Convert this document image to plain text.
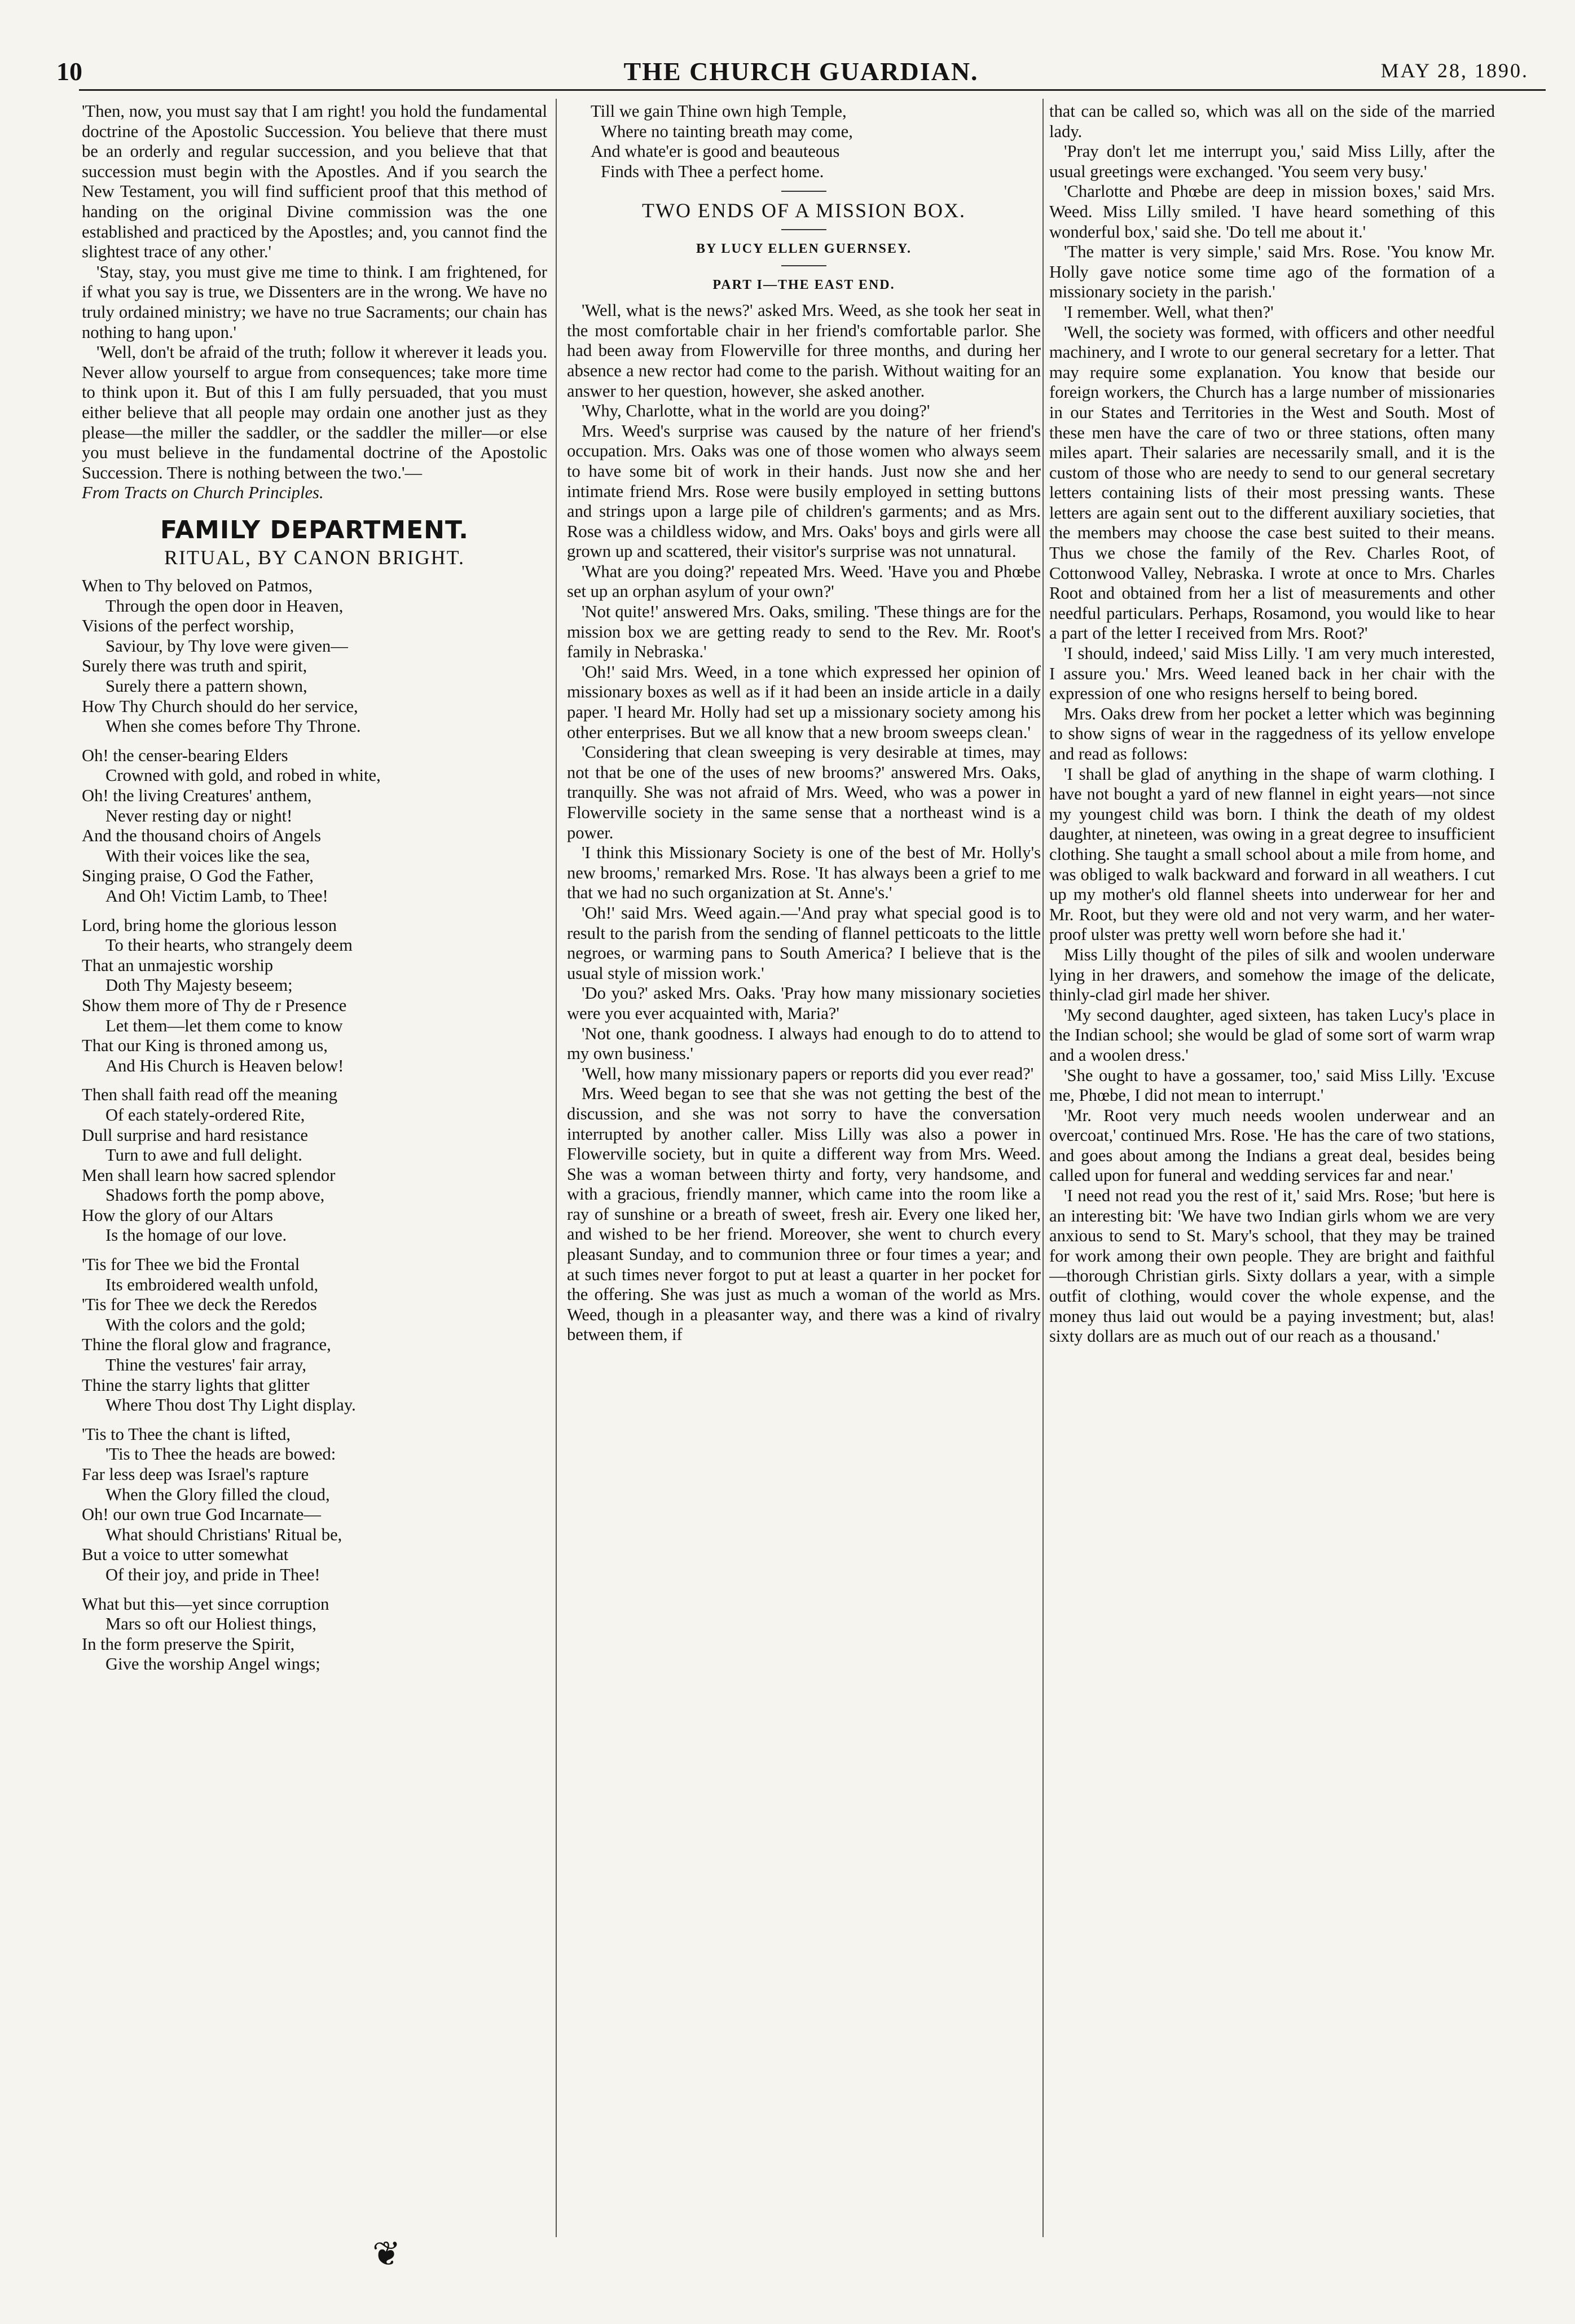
10	THE CHURCH GUARDIAN.	MAY 28, 1890.

'Then, now, you must say that I am right! you hold the fundamental doctrine of the Apostolic Succession. You believe that there must be an orderly and regular succession, and you believe that that succession must begin with the Apostles. And if you search the New Testament, you will find sufficient proof that this method of handing on the original Divine commission was the one established and practiced by the Apostles; and, you cannot find the slightest trace of any other.'

'Stay, stay, you must give me time to think. I am frightened, for if what you say is true, we Dissenters are in the wrong. We have no truly ordained ministry; we have no true Sacraments; our chain has nothing to hang upon.'

'Well, don't be afraid of the truth; follow it wherever it leads you. Never allow yourself to argue from consequences; take more time to think upon it. But of this I am fully persuaded, that you must either believe that all people may ordain one another just as they please—the miller the saddler, or the saddler the miller—or else you must believe in the fundamental doctrine of the Apostolic Succession. There is nothing between the two.'—

From Tracts on Church Principles.
FAMILY DEPARTMENT.
RITUAL, BY CANON BRIGHT.
When to Thy beloved on Patmos,
Through the open door in Heaven,
Visions of the perfect worship,
Saviour, by Thy love were given—
Surely there was truth and spirit,
Surely there a pattern shown,
How Thy Church should do her service,
When she comes before Thy Throne.
Oh! the censer-bearing Elders
Crowned with gold, and robed in white,
Oh! the living Creatures' anthem,
Never resting day or night!
And the thousand choirs of Angels
With their voices like the sea,
Singing praise, O God the Father,
And Oh! Victim Lamb, to Thee!
Lord, bring home the glorious lesson
To their hearts, who strangely deem
That an unmajestic worship
Doth Thy Majesty beseem;
Show them more of Thy de r Presence
Let them—let them come to know
That our King is throned among us,
And His Church is Heaven below!
Then shall faith read off the meaning
Of each stately-ordered Rite,
Dull surprise and hard resistance
Turn to awe and full delight.
Men shall learn how sacred splendor
Shadows forth the pomp above,
How the glory of our Altars
Is the homage of our love.
'Tis for Thee we bid the Frontal
Its embroidered wealth unfold,
'Tis for Thee we deck the Reredos
With the colors and the gold;
Thine the floral glow and fragrance,
Thine the vestures' fair array,
Thine the starry lights that glitter
Where Thou dost Thy Light display.
'Tis to Thee the chant is lifted,
'Tis to Thee the heads are bowed:
Far less deep was Israel's rapture
When the Glory filled the cloud,
Oh! our own true God Incarnate—
What should Christians' Ritual be,
But a voice to utter somewhat
Of their joy, and pride in Thee!
What but this—yet since corruption
Mars so oft our Holiest things,
In the form preserve the Spirit,
Give the worship Angel wings;
Till we gain Thine own high Temple,
Where no tainting breath may come,
And whate'er is good and beauteous
Finds with Thee a perfect home.
TWO ENDS OF A MISSION BOX.
BY LUCY ELLEN GUERNSEY.
PART I—THE EAST END.

'Well, what is the news?' asked Mrs. Weed, as she took her seat in the most comfortable chair in her friend's comfortable parlor. She had been away from Flowerville for three months, and during her absence a new rector had come to the parish. Without waiting for an answer to her question, however, she asked another.

'Why, Charlotte, what in the world are you doing?'

Mrs. Weed's surprise was caused by the nature of her friend's occupation. Mrs. Oaks was one of those women who always seem to have some bit of work in their hands. Just now she and her intimate friend Mrs. Rose were busily employed in setting buttons and strings upon a large pile of children's garments; and as Mrs. Rose was a childless widow, and Mrs. Oaks' boys and girls were all grown up and scattered, their visitor's surprise was not unnatural.

'What are you doing?' repeated Mrs. Weed. 'Have you and Phœbe set up an orphan asylum of your own?'

'Not quite!' answered Mrs. Oaks, smiling. 'These things are for the mission box we are getting ready to send to the Rev. Mr. Root's family in Nebraska.'

'Oh!' said Mrs. Weed, in a tone which expressed her opinion of missionary boxes as well as if it had been an inside article in a daily paper. 'I heard Mr. Holly had set up a missionary society among his other enterprises. But we all know that a new broom sweeps clean.'

'Considering that clean sweeping is very desirable at times, may not that be one of the uses of new brooms?' answered Mrs. Oaks, tranquilly. She was not afraid of Mrs. Weed, who was a power in Flowerville society in the same sense that a northeast wind is a power.

'I think this Missionary Society is one of the best of Mr. Holly's new brooms,' remarked Mrs. Rose. 'It has always been a grief to me that we had no such organization at St. Anne's.'

'Oh!' said Mrs. Weed again.—'And pray what special good is to result to the parish from the sending of flannel petticoats to the little negroes, or warming pans to South America? I believe that is the usual style of mission work.'

'Do you?' asked Mrs. Oaks. 'Pray how many missionary societies were you ever acquainted with, Maria?'

'Not one, thank goodness. I always had enough to do to attend to my own business.'

'Well, how many missionary papers or reports did you ever read?'

Mrs. Weed began to see that she was not getting the best of the discussion, and she was not sorry to have the conversation interrupted by another caller. Miss Lilly was also a power in Flowerville society, but in quite a different way from Mrs. Weed. She was a woman between thirty and forty, very handsome, and with a gracious, friendly manner, which came into the room like a ray of sunshine or a breath of sweet, fresh air. Every one liked her, and wished to be her friend. Moreover, she went to church every pleasant Sunday, and to communion three or four times a year; and at such times never forgot to put at least a quarter in her pocket for the offering. She was just as much a woman of the world as Mrs. Weed, though in a pleasanter way, and there was a kind of rivalry between them, if

that can be called so, which was all on the side of the married lady.

'Pray don't let me interrupt you,' said Miss Lilly, after the usual greetings were exchanged. 'You seem very busy.'

'Charlotte and Phœbe are deep in mission boxes,' said Mrs. Weed. Miss Lilly smiled. 'I have heard something of this wonderful box,' said she. 'Do tell me about it.'

'The matter is very simple,' said Mrs. Rose. 'You know Mr. Holly gave notice some time ago of the formation of a missionary society in the parish.'

'I remember. Well, what then?'

'Well, the society was formed, with officers and other needful machinery, and I wrote to our general secretary for a letter. That may require some explanation. You know that beside our foreign workers, the Church has a large number of missionaries in our States and Territories in the West and South. Most of these men have the care of two or three stations, often many miles apart. Their salaries are necessarily small, and it is the custom of those who are needy to send to our general secretary letters containing lists of their most pressing wants. These letters are again sent out to the different auxiliary societies, that the members may choose the case best suited to their means. Thus we chose the family of the Rev. Charles Root, of Cottonwood Valley, Nebraska. I wrote at once to Mrs. Charles Root and obtained from her a list of measurements and other needful particulars. Perhaps, Rosamond, you would like to hear a part of the letter I received from Mrs. Root?'

'I should, indeed,' said Miss Lilly. 'I am very much interested, I assure you.' Mrs. Weed leaned back in her chair with the expression of one who resigns herself to being bored.

Mrs. Oaks drew from her pocket a letter which was beginning to show signs of wear in the raggedness of its yellow envelope and read as follows:

'I shall be glad of anything in the shape of warm clothing. I have not bought a yard of new flannel in eight years—not since my youngest child was born. I think the death of my oldest daughter, at nineteen, was owing in a great degree to insufficient clothing. She taught a small school about a mile from home, and was obliged to walk backward and forward in all weathers. I cut up my mother's old flannel sheets into underwear for her and Mr. Root, but they were old and not very warm, and her water-proof ulster was pretty well worn before she had it.'

Miss Lilly thought of the piles of silk and woolen underware lying in her drawers, and somehow the image of the delicate, thinly-clad girl made her shiver.

'My second daughter, aged sixteen, has taken Lucy's place in the Indian school; she would be glad of some sort of warm wrap and a woolen dress.'

'She ought to have a gossamer, too,' said Miss Lilly. 'Excuse me, Phœbe, I did not mean to interrupt.'

'Mr. Root very much needs woolen underwear and an overcoat,' continued Mrs. Rose. 'He has the care of two stations, and goes about among the Indians a great deal, besides being called upon for funeral and wedding services far and near.'

'I need not read you the rest of it,' said Mrs. Rose; 'but here is an interesting bit: 'We have two Indian girls whom we are very anxious to send to St. Mary's school, that they may be trained for work among their own people. They are bright and faithful—thorough Christian girls. Sixty dollars a year, with a simple outfit of clothing, would cover the whole expense, and the money thus laid out would be a paying investment; but, alas! sixty dollars are as much out of our reach as a thousand.'

❦
